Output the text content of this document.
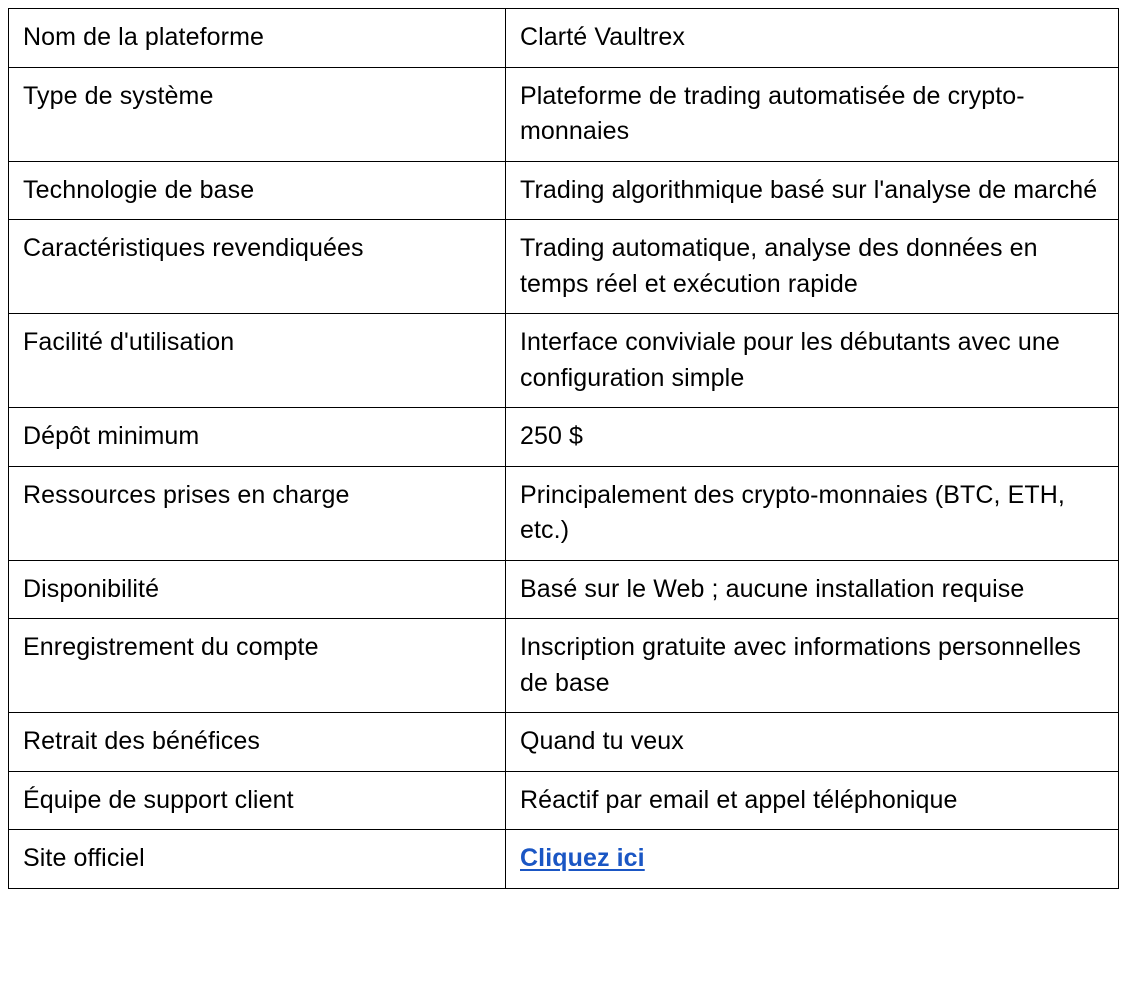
Nom de la plateforme	Clarté Vaultrex
Type de système	Plateforme de trading automatisée de crypto-monnaies
Technologie de base	Trading algorithmique basé sur l'analyse de marché
Caractéristiques revendiquées	Trading automatique, analyse des données en temps réel et exécution rapide
Facilité d'utilisation	Interface conviviale pour les débutants avec une configuration simple
Dépôt minimum	250 $
Ressources prises en charge	Principalement des crypto-monnaies (BTC, ETH, etc.)
Disponibilité	Basé sur le Web ; aucune installation requise
Enregistrement du compte	Inscription gratuite avec informations personnelles de base
Retrait des bénéfices	Quand tu veux
Équipe de support client	Réactif par email et appel téléphonique
Site officiel	Cliquez ici
